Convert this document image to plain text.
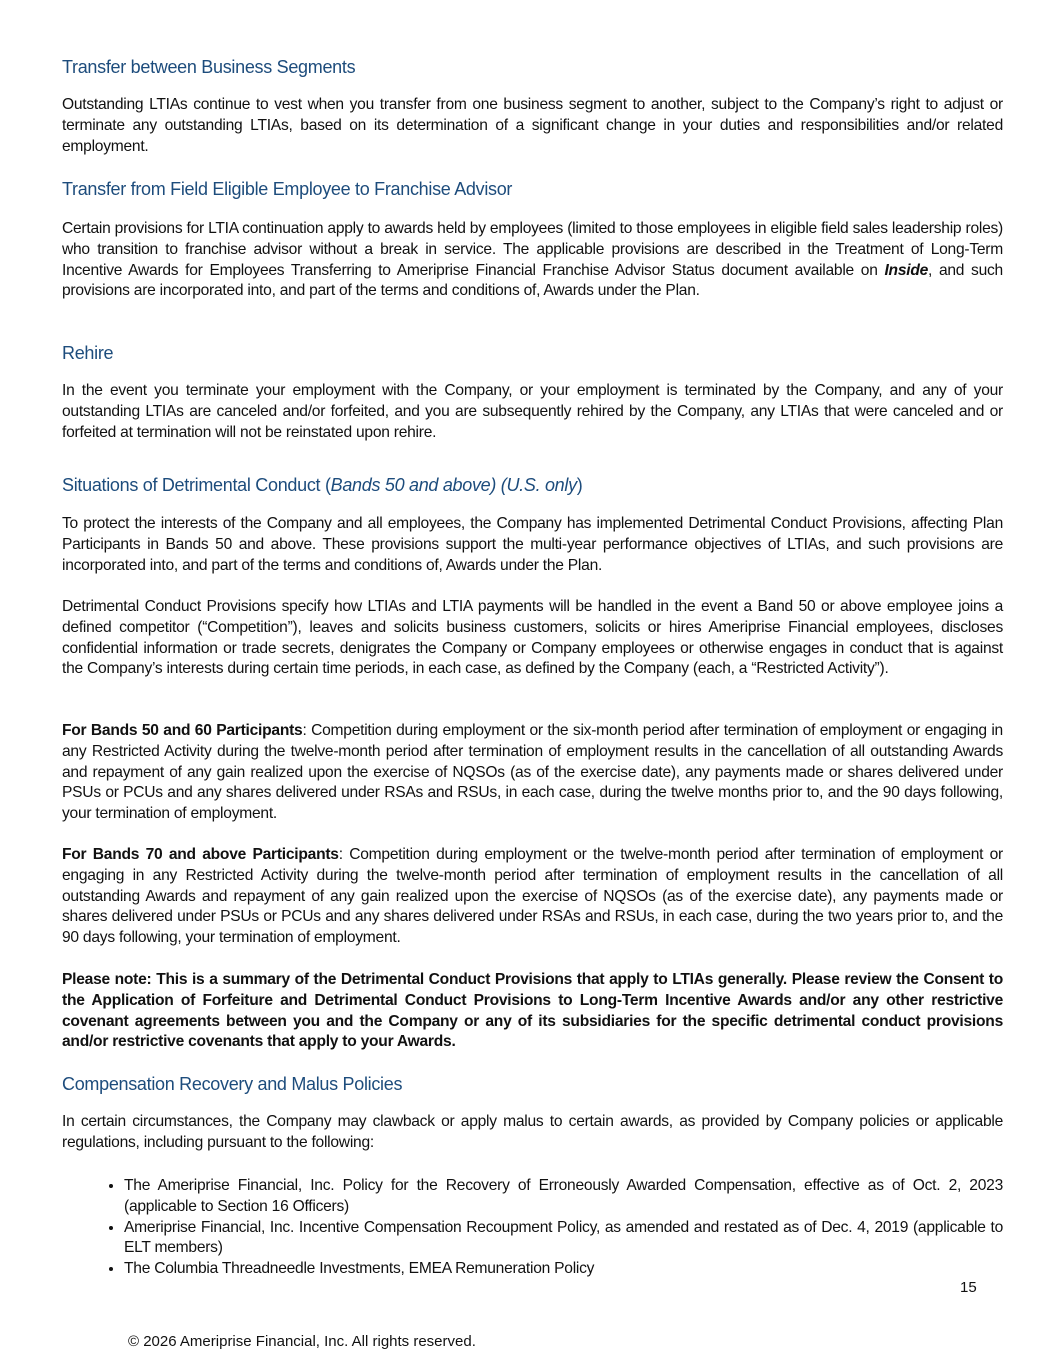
Transfer between Business Segments
Outstanding LTIAs continue to vest when you transfer from one business segment to another, subject to the Company’s right to adjust or terminate any outstanding LTIAs, based on its determination of a significant change in your duties and responsibilities and/or related employment.
Transfer from Field Eligible Employee to Franchise Advisor
Certain provisions for LTIA continuation apply to awards held by employees (limited to those employees in eligible field sales leadership roles) who transition to franchise advisor without a break in service. The applicable provisions are described in the Treatment of Long-Term Incentive Awards for Employees Transferring to Ameriprise Financial Franchise Advisor Status document available on Inside, and such provisions are incorporated into, and part of the terms and conditions of, Awards under the Plan.
Rehire
In the event you terminate your employment with the Company, or your employment is terminated by the Company, and any of your outstanding LTIAs are canceled and/or forfeited, and you are subsequently rehired by the Company, any LTIAs that were canceled and or forfeited at termination will not be reinstated upon rehire.
Situations of Detrimental Conduct (Bands 50 and above) (U.S. only)
To protect the interests of the Company and all employees, the Company has implemented Detrimental Conduct Provisions, affecting Plan Participants in Bands 50 and above. These provisions support the multi-year performance objectives of LTIAs, and such provisions are incorporated into, and part of the terms and conditions of, Awards under the Plan.
Detrimental Conduct Provisions specify how LTIAs and LTIA payments will be handled in the event a Band 50 or above employee joins a defined competitor (“Competition”), leaves and solicits business customers, solicits or hires Ameriprise Financial employees, discloses confidential information or trade secrets, denigrates the Company or Company employees or otherwise engages in conduct that is against the Company’s interests during certain time periods, in each case, as defined by the Company (each, a “Restricted Activity”).
For Bands 50 and 60 Participants: Competition during employment or the six-month period after termination of employment or engaging in any Restricted Activity during the twelve-month period after termination of employment results in the cancellation of all outstanding Awards and repayment of any gain realized upon the exercise of NQSOs (as of the exercise date), any payments made or shares delivered under PSUs or PCUs and any shares delivered under RSAs and RSUs, in each case, during the twelve months prior to, and the 90 days following, your termination of employment.
For Bands 70 and above Participants: Competition during employment or the twelve-month period after termination of employment or engaging in any Restricted Activity during the twelve-month period after termination of employment results in the cancellation of all outstanding Awards and repayment of any gain realized upon the exercise of NQSOs (as of the exercise date), any payments made or shares delivered under PSUs or PCUs and any shares delivered under RSAs and RSUs, in each case, during the two years prior to, and the 90 days following, your termination of employment.
Please note: This is a summary of the Detrimental Conduct Provisions that apply to LTIAs generally. Please review the Consent to the Application of Forfeiture and Detrimental Conduct Provisions to Long-Term Incentive Awards and/or any other restrictive covenant agreements between you and the Company or any of its subsidiaries for the specific detrimental conduct provisions and/or restrictive covenants that apply to your Awards.
Compensation Recovery and Malus Policies
In certain circumstances, the Company may clawback or apply malus to certain awards, as provided by Company policies or applicable regulations, including pursuant to the following:
• The Ameriprise Financial, Inc. Policy for the Recovery of Erroneously Awarded Compensation, effective as of Oct. 2, 2023 (applicable to Section 16 Officers)
• Ameriprise Financial, Inc. Incentive Compensation Recoupment Policy, as amended and restated as of Dec. 4, 2019 (applicable to ELT members)
• The Columbia Threadneedle Investments, EMEA Remuneration Policy
15
© 2026 Ameriprise Financial, Inc. All rights reserved.
